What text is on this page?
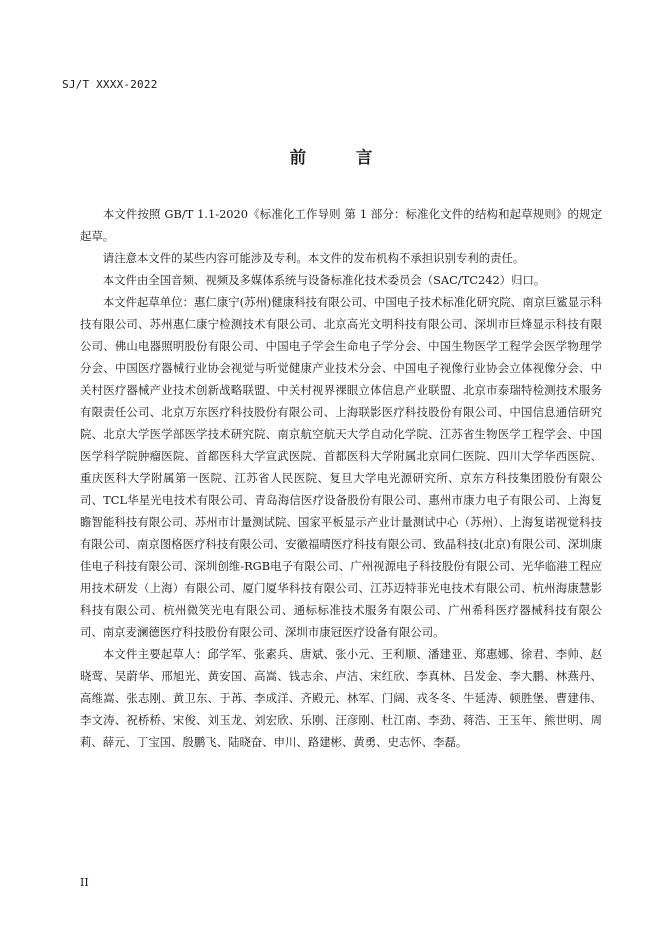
SJ/T XXXX-2022
前 言

本文件按照 GB/T 1.1-2020《标准化工作导则 第 1 部分：标准化文件的结构和起草规则》的规定起草。

请注意本文件的某些内容可能涉及专利。本文件的发布机构不承担识别专利的责任。

本文件由全国音频、视频及多媒体系统与设备标准化技术委员会（SAC/TC242）归口。

本文件起草单位：惠仁康宁(苏州)健康科技有限公司、中国电子技术标准化研究院、南京巨鲨显示科技有限公司、苏州惠仁康宁检测技术有限公司、北京高光文明科技有限公司、深圳市巨烽显示科技有限公司、佛山电器照明股份有限公司、中国电子学会生命电子学分会、中国生物医学工程学会医学物理学分会、中国医疗器械行业协会视觉与听觉健康产业技术分会、中国电子视像行业协会立体视像分会、中关村医疗器械产业技术创新战略联盟、中关村视界裸眼立体信息产业联盟、北京市泰瑞特检测技术服务有限责任公司、北京万东医疗科技股份有限公司、上海联影医疗科技股份有限公司、中国信息通信研究院、北京大学医学部医学技术研究院、南京航空航天大学自动化学院、江苏省生物医学工程学会、中国医学科学院肿瘤医院、首都医科大学宣武医院、首都医科大学附属北京同仁医院、四川大学华西医院、重庆医科大学附属第一医院、江苏省人民医院、复旦大学电光源研究所、京东方科技集团股份有限公司、TCL华星光电技术有限公司、青岛海信医疗设备股份有限公司、惠州市康力电子有限公司、上海复瞻智能科技有限公司、苏州市计量测试院、国家平板显示产业计量测试中心（苏州）、上海复诺视觉科技有限公司、南京图格医疗科技有限公司、安徽福晴医疗科技有限公司、致晶科技(北京)有限公司、深圳康佳电子科技有限公司、深圳创维-RGB电子有限公司、广州视源电子科技股份有限公司、光华临港工程应用技术研发（上海）有限公司、厦门厦华科技有限公司、江苏迈特菲光电技术有限公司、杭州海康慧影科技有限公司、杭州微笑光电有限公司、通标标准技术服务有限公司、广州希科医疗器械科技有限公司、南京麦澜德医疗科技股份有限公司、深圳市康冠医疗设备有限公司。

本文件主要起草人：邱学军、张素兵、唐斌、张小元、王利顺、潘建亚、郑惠娜、徐君、李帅、赵晓莺、吴蔚华、邢旭光、黄安国、高嵩、钱志余、卢洁、宋红欣、李真林、吕发金、李大鹏、林燕丹、高维嵩、张志刚、黄卫东、于苒、李成洋、齐殿元、林军、门阔、戎冬冬、牛延涛、顿胜堡、曹建伟、李文涛、祝桥桥、宋俊、刘玉龙、刘宏欣、乐刚、汪彦刚、杜江南、李劲、蒋浩、王玉年、熊世明、周莉、薛元、丁宝国、殷鹏飞、陆晓奋、申川、路建彬、黄勇、史志怀、李磊。

II
